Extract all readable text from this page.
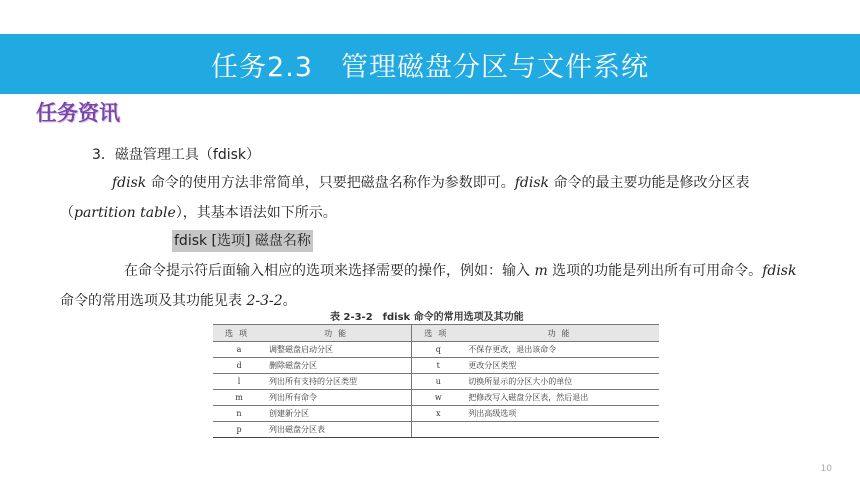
任务2.3　管理磁盘分区与文件系统
任务资讯
3．磁盘管理工具（fdisk）
fdisk 命令的使用方法非常简单，只要把磁盘名称作为参数即可。fdisk 命令的最主要功能是修改分区表（partition table），其基本语法如下所示。
fdisk [选项] 磁盘名称
在命令提示符后面输入相应的选项来选择需要的操作，例如：输入 m 选项的功能是列出所有可用命令。fdisk 命令的常用选项及其功能见表 2-3-2。
表 2-3-2　fdisk 命令的常用选项及其功能
选项	功能	选项	功能
a	调整磁盘启动分区	q	不保存更改，退出该命令
d	删除磁盘分区	t	更改分区类型
l	列出所有支持的分区类型	u	切换所显示的分区大小的单位
m	列出所有命令	w	把修改写入磁盘分区表，然后退出
n	创建新分区	x	列出高级选项
p	列出磁盘分区表		
10
